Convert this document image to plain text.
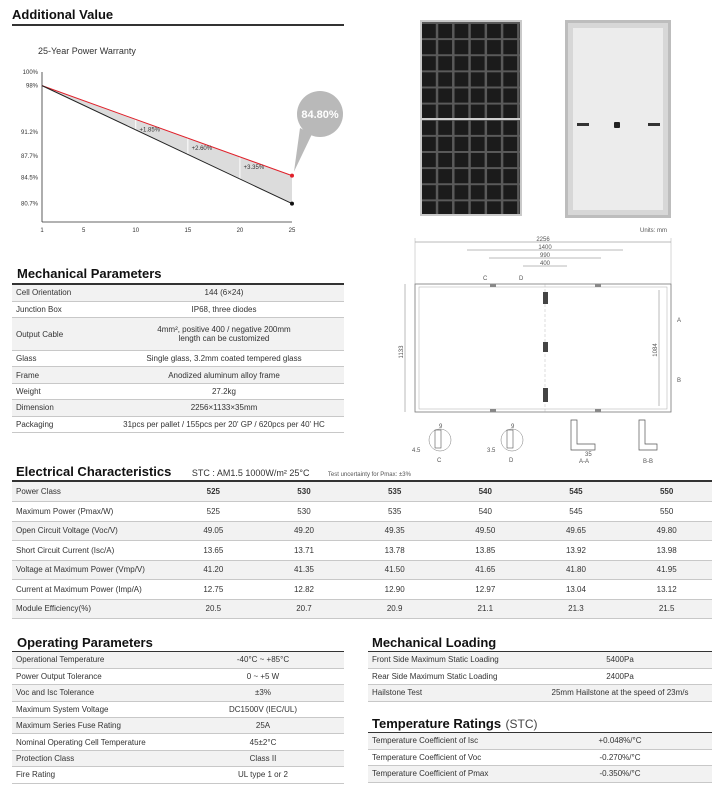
Additional Value
25-Year Power Warranty
1	5	10	15	20	25
100%
98%
91.2%
87.7%
84.5%
80.7%
+1.85%
+2.60%
+3.35%
84.80%
Units: mm
2256
1400
990
400
C	D
A
B
1133	1084
4.5
9
C
3.5
9
D
35
A-A	B-B
Mechanical Parameters
Cell Orientation	144 (6×24)
Junction Box	IP68, three diodes
Output Cable	4mm², positive 400 / negative 200mm
length can be customized

Glass	Single glass, 3.2mm coated tempered glass
Frame	Anodized aluminum alloy frame
Weight	27.2kg
Dimension	2256×1133×35mm
Packaging	31pcs per pallet / 155pcs per 20' GP / 620pcs per 40' HC
Electrical Characteristics STC : AM1.5 1000W/m² 25°C	Test uncertainty for Pmax: ±3%
Power Class	525	530	535	540	545	550
Maximum Power (Pmax/W)	525	530	535	540	545	550
Open Circuit Voltage (Voc/V)	49.05	49.20	49.35	49.50	49.65	49.80
Short Circuit Current (Isc/A)	13.65	13.71	13.78	13.85	13.92	13.98
Voltage at Maximum Power (Vmp/V)	41.20	41.35	41.50	41.65	41.80	41.95
Current at Maximum Power (Imp/A)	12.75	12.82	12.90	12.97	13.04	13.12
Module Efficiency(%)	20.5	20.7	20.9	21.1	21.3	21.5
Operating Parameters
Operational Temperature	-40°C ~ +85°C
Power Output Tolerance	0 ~ +5 W
Voc and Isc Tolerance	±3%
Maximum System Voltage	DC1500V (IEC/UL)
Maximum Series Fuse Rating	25A
Nominal Operating Cell Temperature	45±2°C
Protection Class	Class II
Fire Rating	UL type 1 or 2
Mechanical Loading
Front Side Maximum Static Loading	5400Pa
Rear Side Maximum Static Loading	2400Pa
Hailstone Test	25mm Hailstone at the speed of 23m/s
Temperature Ratings (STC)
Temperature Coefficient of Isc	+0.048%/°C
Temperature Coefficient of Voc	-0.270%/°C
Temperature Coefficient of Pmax	-0.350%/°C
